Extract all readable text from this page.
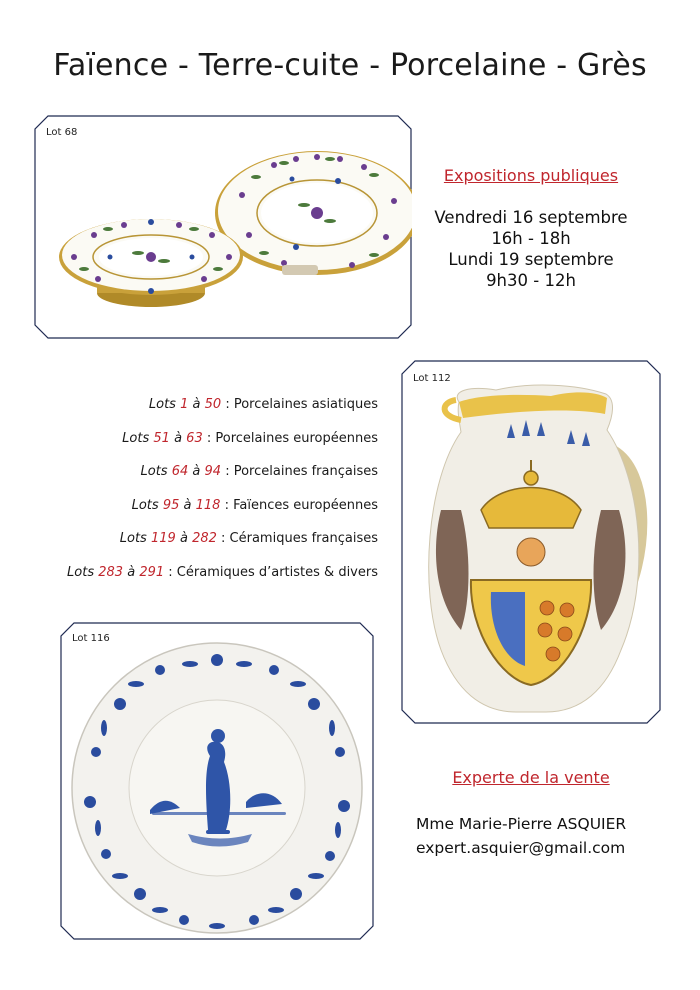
Faïence - Terre-cuite - Porcelaine - Grès
Lot 68
Expositions publiques
Vendredi 16 septembre
16h - 18h
Lundi 19 septembre
9h30 - 12h
Lots 1 à 50 : Porcelaines asiatiques
Lots 51 à 63 : Porcelaines européennes
Lots 64 à 94 : Porcelaines françaises
Lots 95 à 118 : Faïences européennes
Lots 119 à 282 : Céramiques françaises
Lots 283 à 291 : Céramiques d’artistes & divers
Lot 112
Lot 116
Experte de la vente
Mme Marie-Pierre ASQUIER
expert.asquier@gmail.com
